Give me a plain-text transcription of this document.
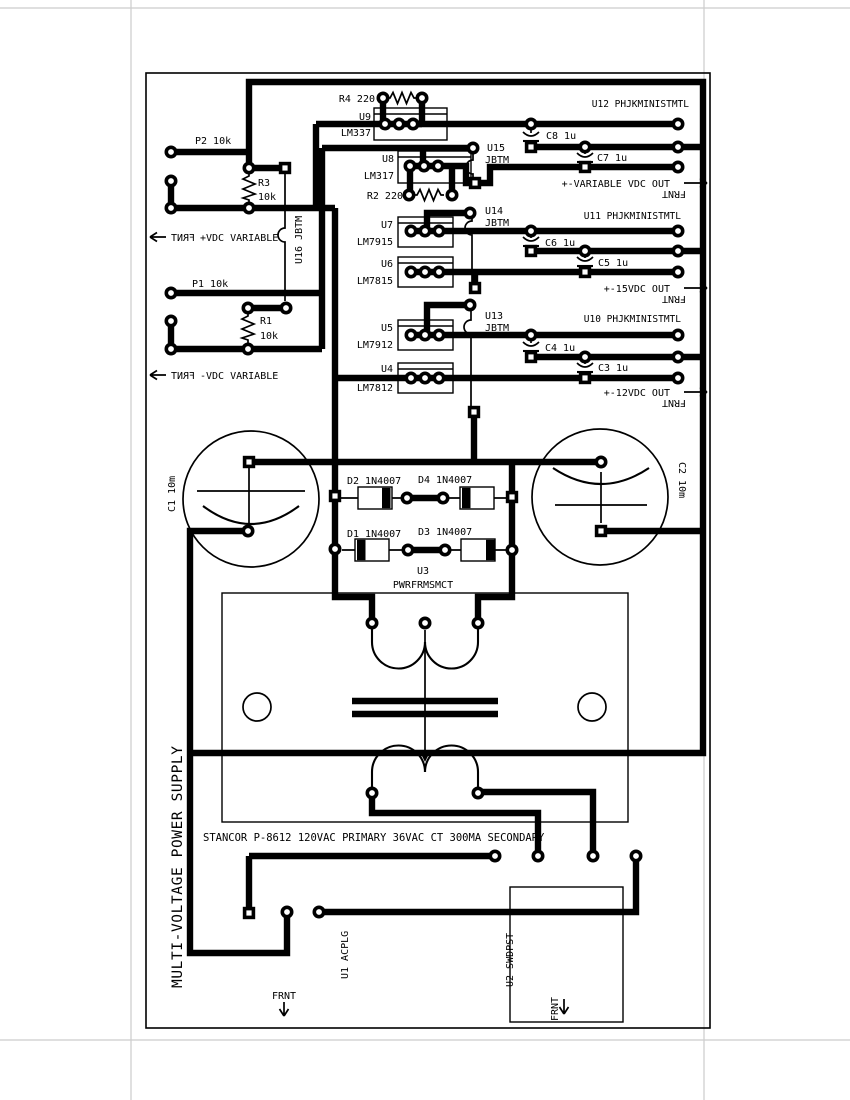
P2 10k
R3
10k
P1 10k
R1
10k
FRNT +VDC VARIABLE
FRNT -VDC VARIABLE
R4 220
R2 220
U9
LM337
U8
LM317
U7
LM7915
U6
LM7815
U5
LM7912
U4
LM7812
U15
JBTM
U14
JBTM
U13
JBTM
U16 JBTM
U12 PHJKMINISTMTL
U11 PHJKMINISTMTL
U10 PHJKMINISTMTL
C8 1u
C7 1u
C6 1u
C5 1u
C4 1u
C3 1u
+-VARIABLE VDC OUT
+-15VDC OUT
+-12VDC OUT
FRNT
FRNT
FRNT
u
8
⊥
u
8
⊥
u
8
⊥
C1 10m	C2 10m
D2 1N4007 D4 1N4007
D1 1N4007 D3 1N4007
U3
PWRFRMSMCT
STANCOR P-8612 120VAC PRIMARY 36VAC CT 300MA SECONDARY
U1 ACPLG	U2 SWDPST
FRNT
FRNT
MULTI-VOLTAGE POWER SUPPLY
